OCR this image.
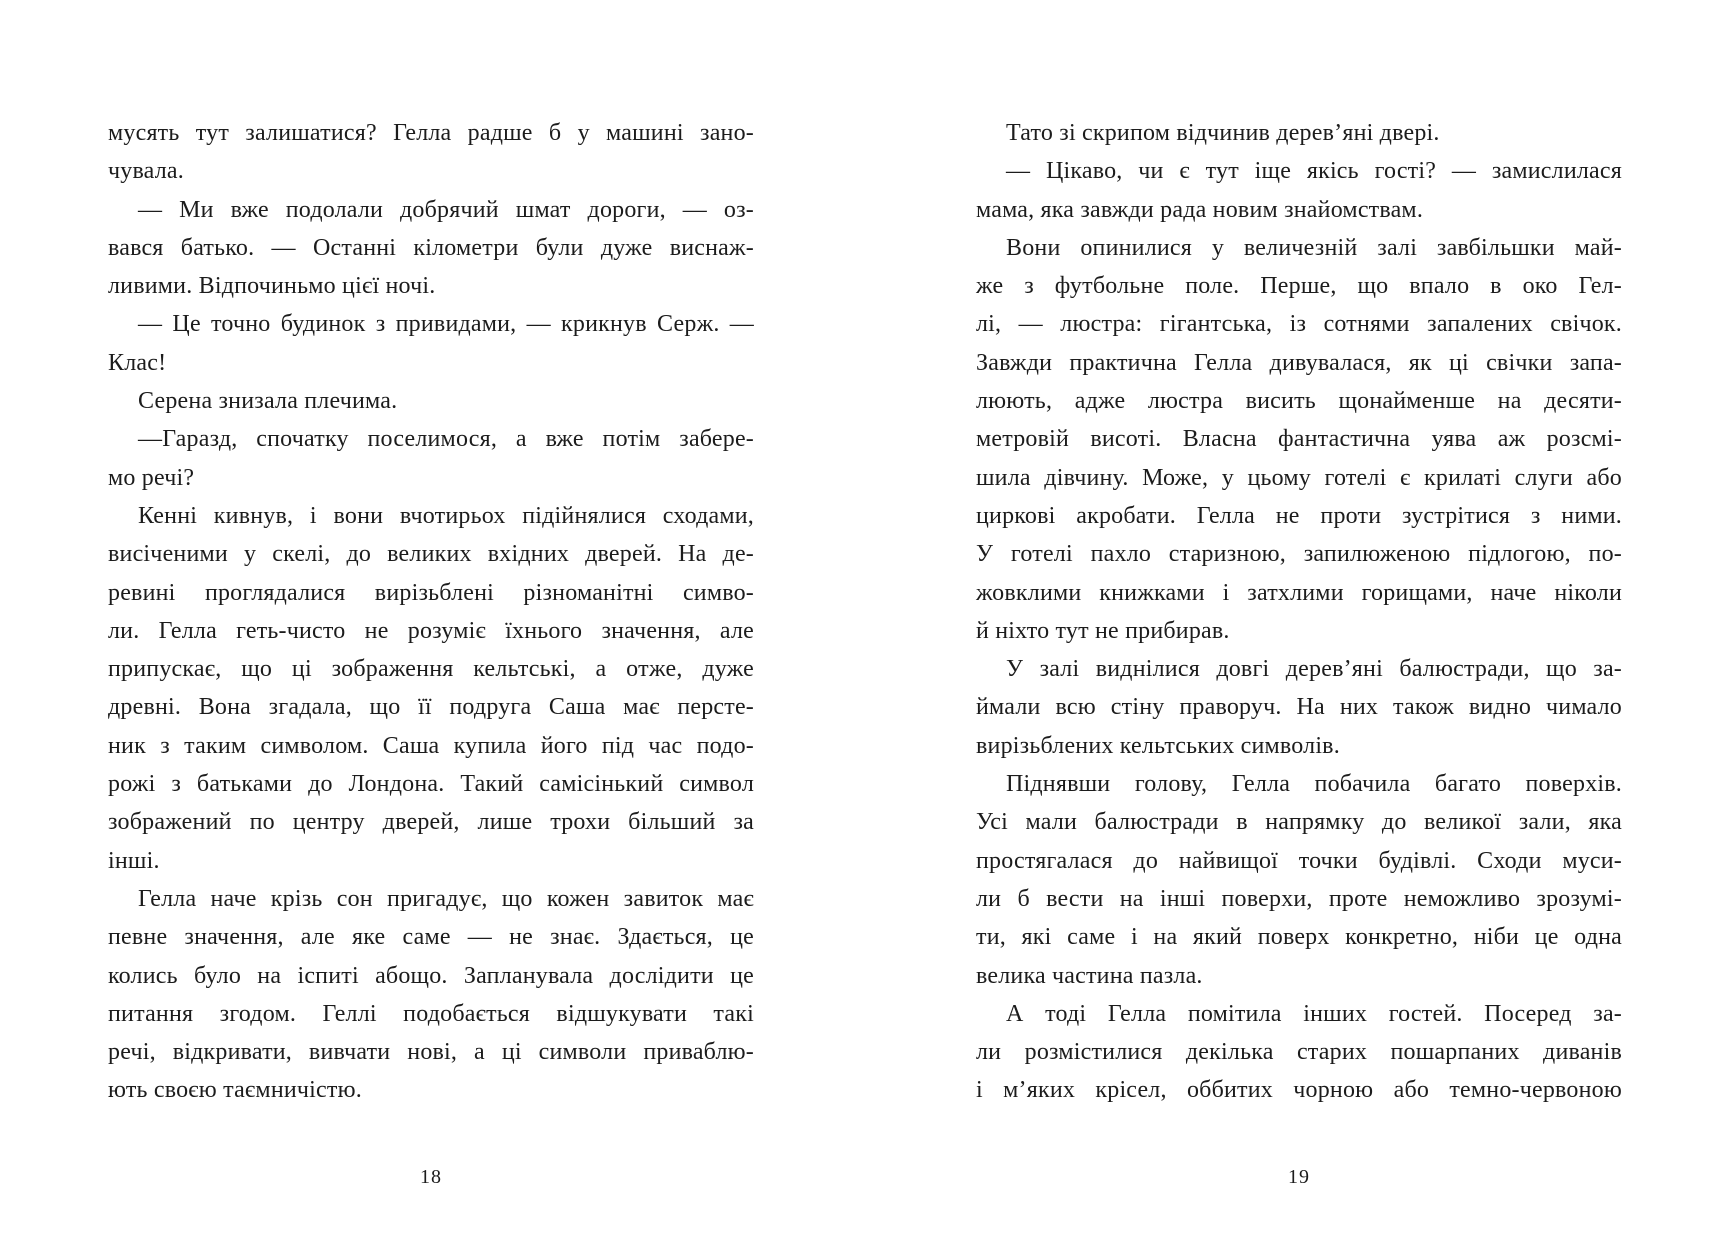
мусять тут залишатися? Гелла радше б у машині зано-
чувала.
— Ми вже подолали добрячий шмат дороги, — оз-
вався батько. — Останні кілометри були дуже виснаж-
ливими. Відпочиньмо цієї ночі.
— Це точно будинок з привидами, — крикнув Серж. —
Клас!
Серена знизала плечима.
—Гаразд, спочатку поселимося, а вже потім забере-
мо речі?
Кенні кивнув, і вони вчотирьох підійнялися сходами,
висіченими у скелі, до великих вхідних дверей. На де-
ревині проглядалися вирізьблені різноманітні симво-
ли. Гелла геть-чисто не розуміє їхнього значення, але
припускає, що ці зображення кельтські, а отже, дуже
древні. Вона згадала, що її подруга Саша має персте-
ник з таким символом. Саша купила його під час подо-
рожі з батьками до Лондона. Такий самісінький символ
зображений по центру дверей, лише трохи більший за
інші.
Гелла наче крізь сон пригадує, що кожен завиток має
певне значення, але яке саме — не знає. Здається, це
колись було на іспиті абощо. Запланувала дослідити це
питання згодом. Геллі подобається відшукувати такі
речі, відкривати, вивчати нові, а ці символи приваблю-
ють своєю таємничістю.
18
Тато зі скрипом відчинив дерев’яні двері.
— Цікаво, чи є тут іще якісь гості? — замислилася
мама, яка завжди рада новим знайомствам.
Вони опинилися у величезній залі завбільшки май-
же з футбольне поле. Перше, що впало в око Гел-
лі, — люстра: гігантська, із сотнями запалених свічок.
Завжди практична Гелла дивувалася, як ці свічки запа-
люють, адже люстра висить щонайменше на десяти-
метровій висоті. Власна фантастична уява аж розсмі-
шила дівчину. Може, у цьому готелі є крилаті слуги або
циркові акробати. Гелла не проти зустрітися з ними.
У готелі пахло старизною, запилюженою підлогою, по-
жовклими книжками і затхлими горищами, наче ніколи
й ніхто тут не прибирав.
У залі виднілися довгі дерев’яні балюстради, що за-
ймали всю стіну праворуч. На них також видно чимало
вирізьблених кельтських символів.
Піднявши голову, Гелла побачила багато поверхів.
Усі мали балюстради в напрямку до великої зали, яка
простягалася до найвищої точки будівлі. Сходи муси-
ли б вести на інші поверхи, проте неможливо зрозумі-
ти, які саме і на який поверх конкретно, ніби це одна
велика частина пазла.
А тоді Гелла помітила інших гостей. Посеред за-
ли розмістилися декілька старих пошарпаних диванів
і м’яких крісел, оббитих чорною або темно-червоною
19
